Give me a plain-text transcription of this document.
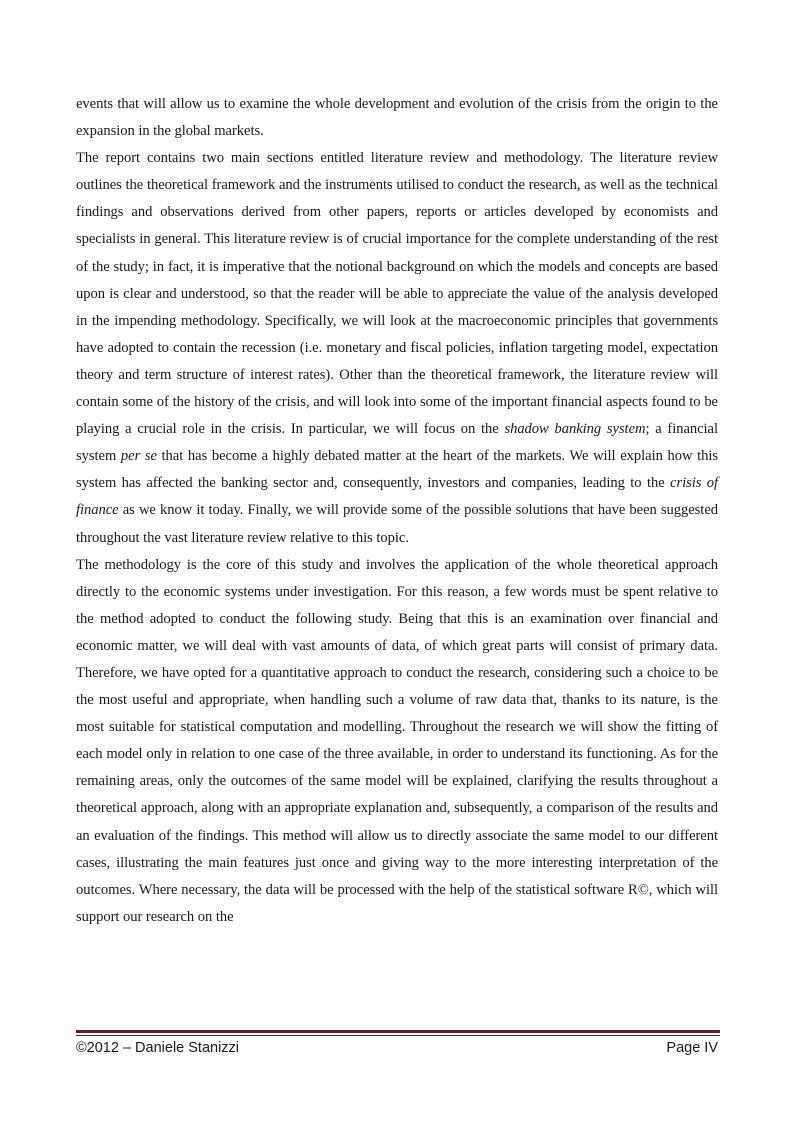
events that will allow us to examine the whole development and evolution of the crisis from the origin to the expansion in the global markets.

The report contains two main sections entitled literature review and methodology. The literature review outlines the theoretical framework and the instruments utilised to conduct the research, as well as the technical findings and observations derived from other papers, reports or articles developed by economists and specialists in general. This literature review is of crucial importance for the complete understanding of the rest of the study; in fact, it is imperative that the notional background on which the models and concepts are based upon is clear and understood, so that the reader will be able to appreciate the value of the analysis developed in the impending methodology. Specifically, we will look at the macroeconomic principles that governments have adopted to contain the recession (i.e. monetary and fiscal policies, inflation targeting model, expectation theory and term structure of interest rates). Other than the theoretical framework, the literature review will contain some of the history of the crisis, and will look into some of the important financial aspects found to be playing a crucial role in the crisis. In particular, we will focus on the shadow banking system; a financial system per se that has become a highly debated matter at the heart of the markets. We will explain how this system has affected the banking sector and, consequently, investors and companies, leading to the crisis of finance as we know it today. Finally, we will provide some of the possible solutions that have been suggested throughout the vast literature review relative to this topic.

The methodology is the core of this study and involves the application of the whole theoretical approach directly to the economic systems under investigation. For this reason, a few words must be spent relative to the method adopted to conduct the following study. Being that this is an examination over financial and economic matter, we will deal with vast amounts of data, of which great parts will consist of primary data. Therefore, we have opted for a quantitative approach to conduct the research, considering such a choice to be the most useful and appropriate, when handling such a volume of raw data that, thanks to its nature, is the most suitable for statistical computation and modelling. Throughout the research we will show the fitting of each model only in relation to one case of the three available, in order to understand its functioning. As for the remaining areas, only the outcomes of the same model will be explained, clarifying the results throughout a theoretical approach, along with an appropriate explanation and, subsequently, a comparison of the results and an evaluation of the findings. This method will allow us to directly associate the same model to our different cases, illustrating the main features just once and giving way to the more interesting interpretation of the outcomes. Where necessary, the data will be processed with the help of the statistical software R©, which will support our research on the

©2012 – Daniele Stanizzi	Page IV
